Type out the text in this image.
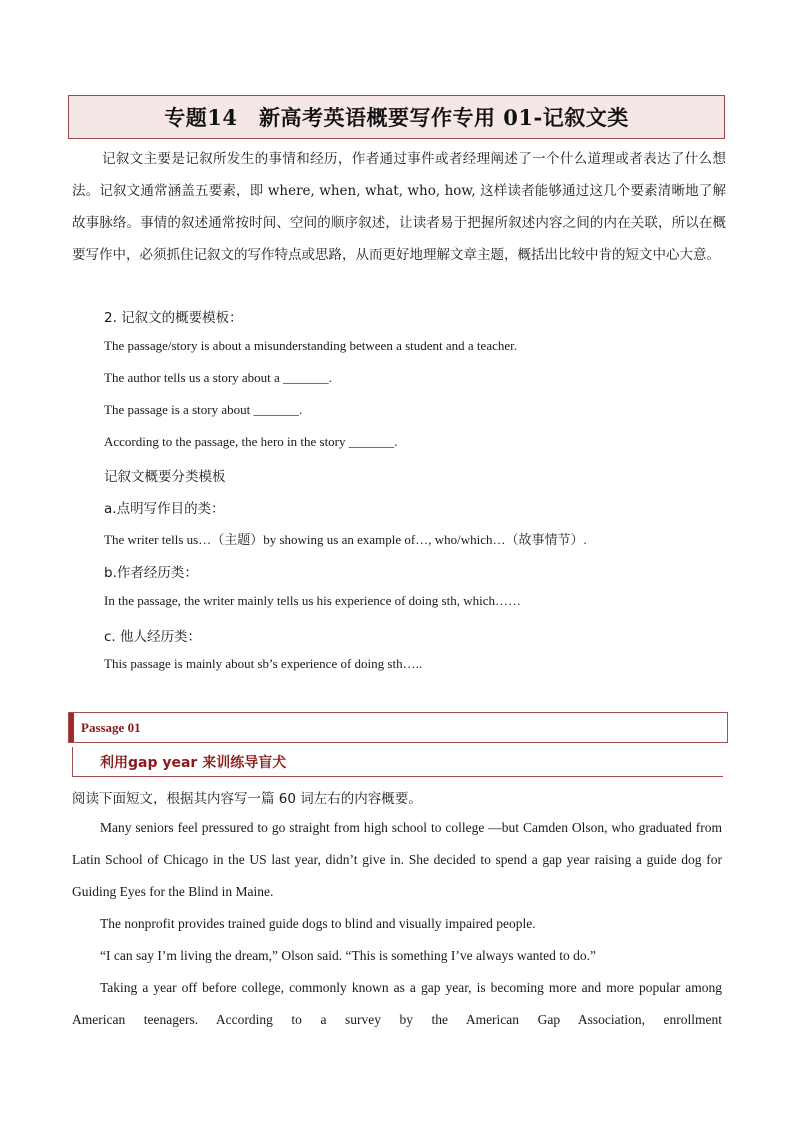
专题14　新高考英语概要写作专用 01-记叙文类

记叙文主要是记叙所发生的事情和经历，作者通过事件或者经理阐述了一个什么道理或者表达了什么想法。记叙文通常涵盖五要素，即 where, when, what, who, how, 这样读者能够通过这几个要素清晰地了解故事脉络。事情的叙述通常按时间、空间的顺序叙述，让读者易于把握所叙述内容之间的内在关联，所以在概要写作中，必须抓住记叙文的写作特点或思路，从而更好地理解文章主题，概括出比较中肯的短文中心大意。

2. 记叙文的概要模板：
The passage/story is about a misunderstanding between a student and a teacher.
The author tells us a story about a _______.
The passage is a story about _______.
According to the passage, the hero in the story _______.
记叙文概要分类模板
a.点明写作目的类：
The writer tells us…（主题）by showing us an example of…, who/which…（故事情节）.
b.作者经历类：
In the passage, the writer mainly tells us his experience of doing sth, which……
c. 他人经历类：
This passage is mainly about sb’s experience of doing sth…..
Passage 01
利用gap year 来训练导盲犬
阅读下面短文，根据其内容写一篇 60 词左右的内容概要。

Many seniors feel pressured to go straight from high school to college —but Camden Olson, who graduated from Latin School of Chicago in the US last year, didn’t give in. She decided to spend a gap year raising a guide dog for Guiding Eyes for the Blind in Maine.

The nonprofit provides trained guide dogs to blind and visually impaired people.

“I can say I’m living the dream,” Olson said. “This is something I’ve always wanted to do.”

Taking a year off before college, commonly known as a gap year, is becoming more and more popular among American teenagers. According to a survey by the American Gap Association, enrollment
